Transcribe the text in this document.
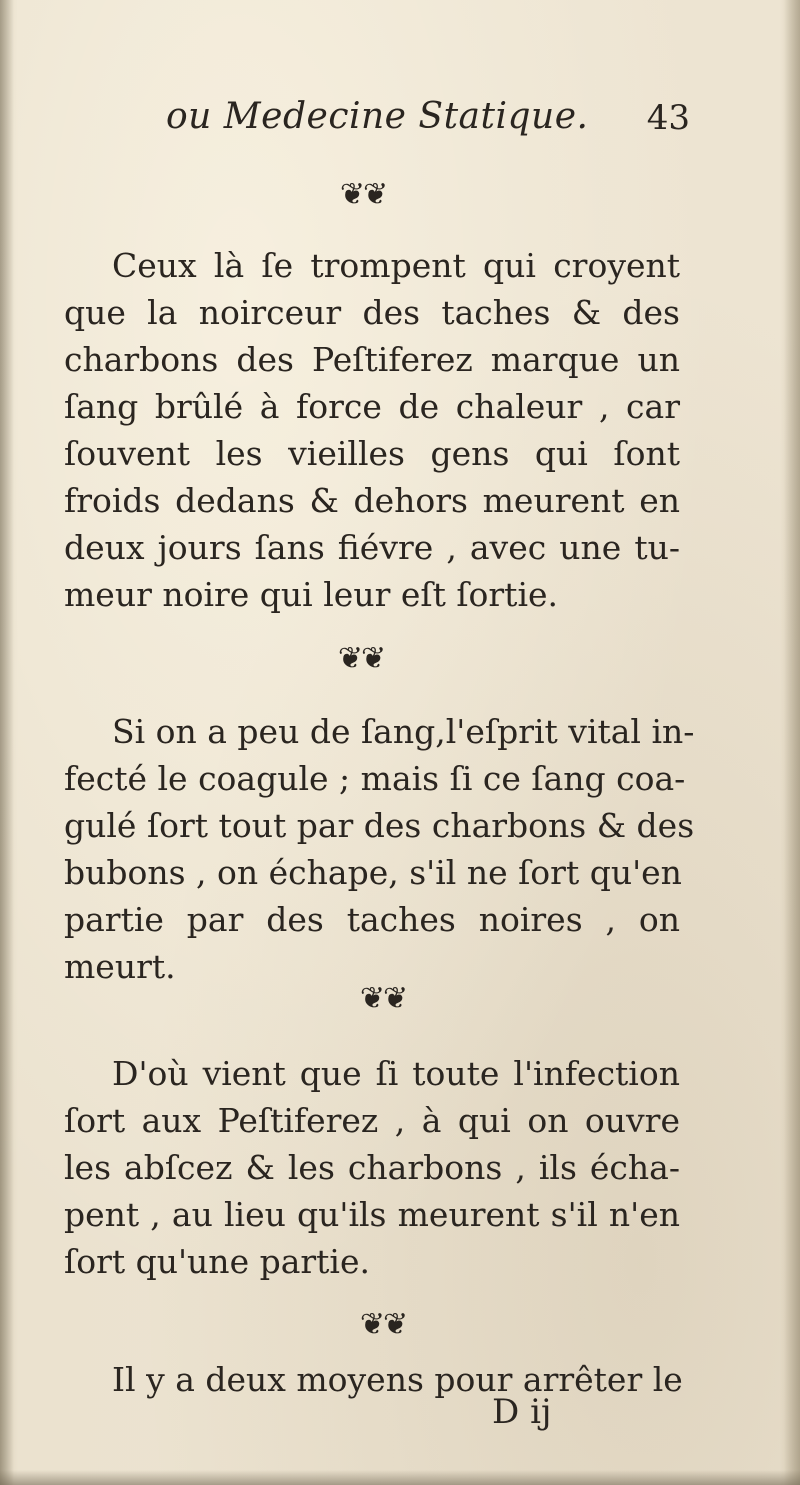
ou Medecine Statique. 43
❦❦
Ceux là ſe trompent qui croyent
que la noirceur des taches & des
charbons des Peſtiferez marque un
ſang brûlé à force de chaleur , car
ſouvent les vieilles gens qui ſont
froids dedans & dehors meurent en
deux jours ſans fiévre , avec une tu-
meur noire qui leur eſt ſortie.
❦❦
Si on a peu de ſang,l'eſprit vital in-
fecté le coagule ; mais ſi ce ſang coa-
gulé ſort tout par des charbons & des
bubons , on échape, s'il ne ſort qu'en
partie par des taches noires , on
meurt.
❦❦
D'où vient que ſi toute l'infection
ſort aux Peſtiferez , à qui on ouvre
les abſcez & les charbons , ils écha-
pent , au lieu qu'ils meurent s'il n'en
ſort qu'une partie.
❦❦
Il y a deux moyens pour arrêter le
D ij
